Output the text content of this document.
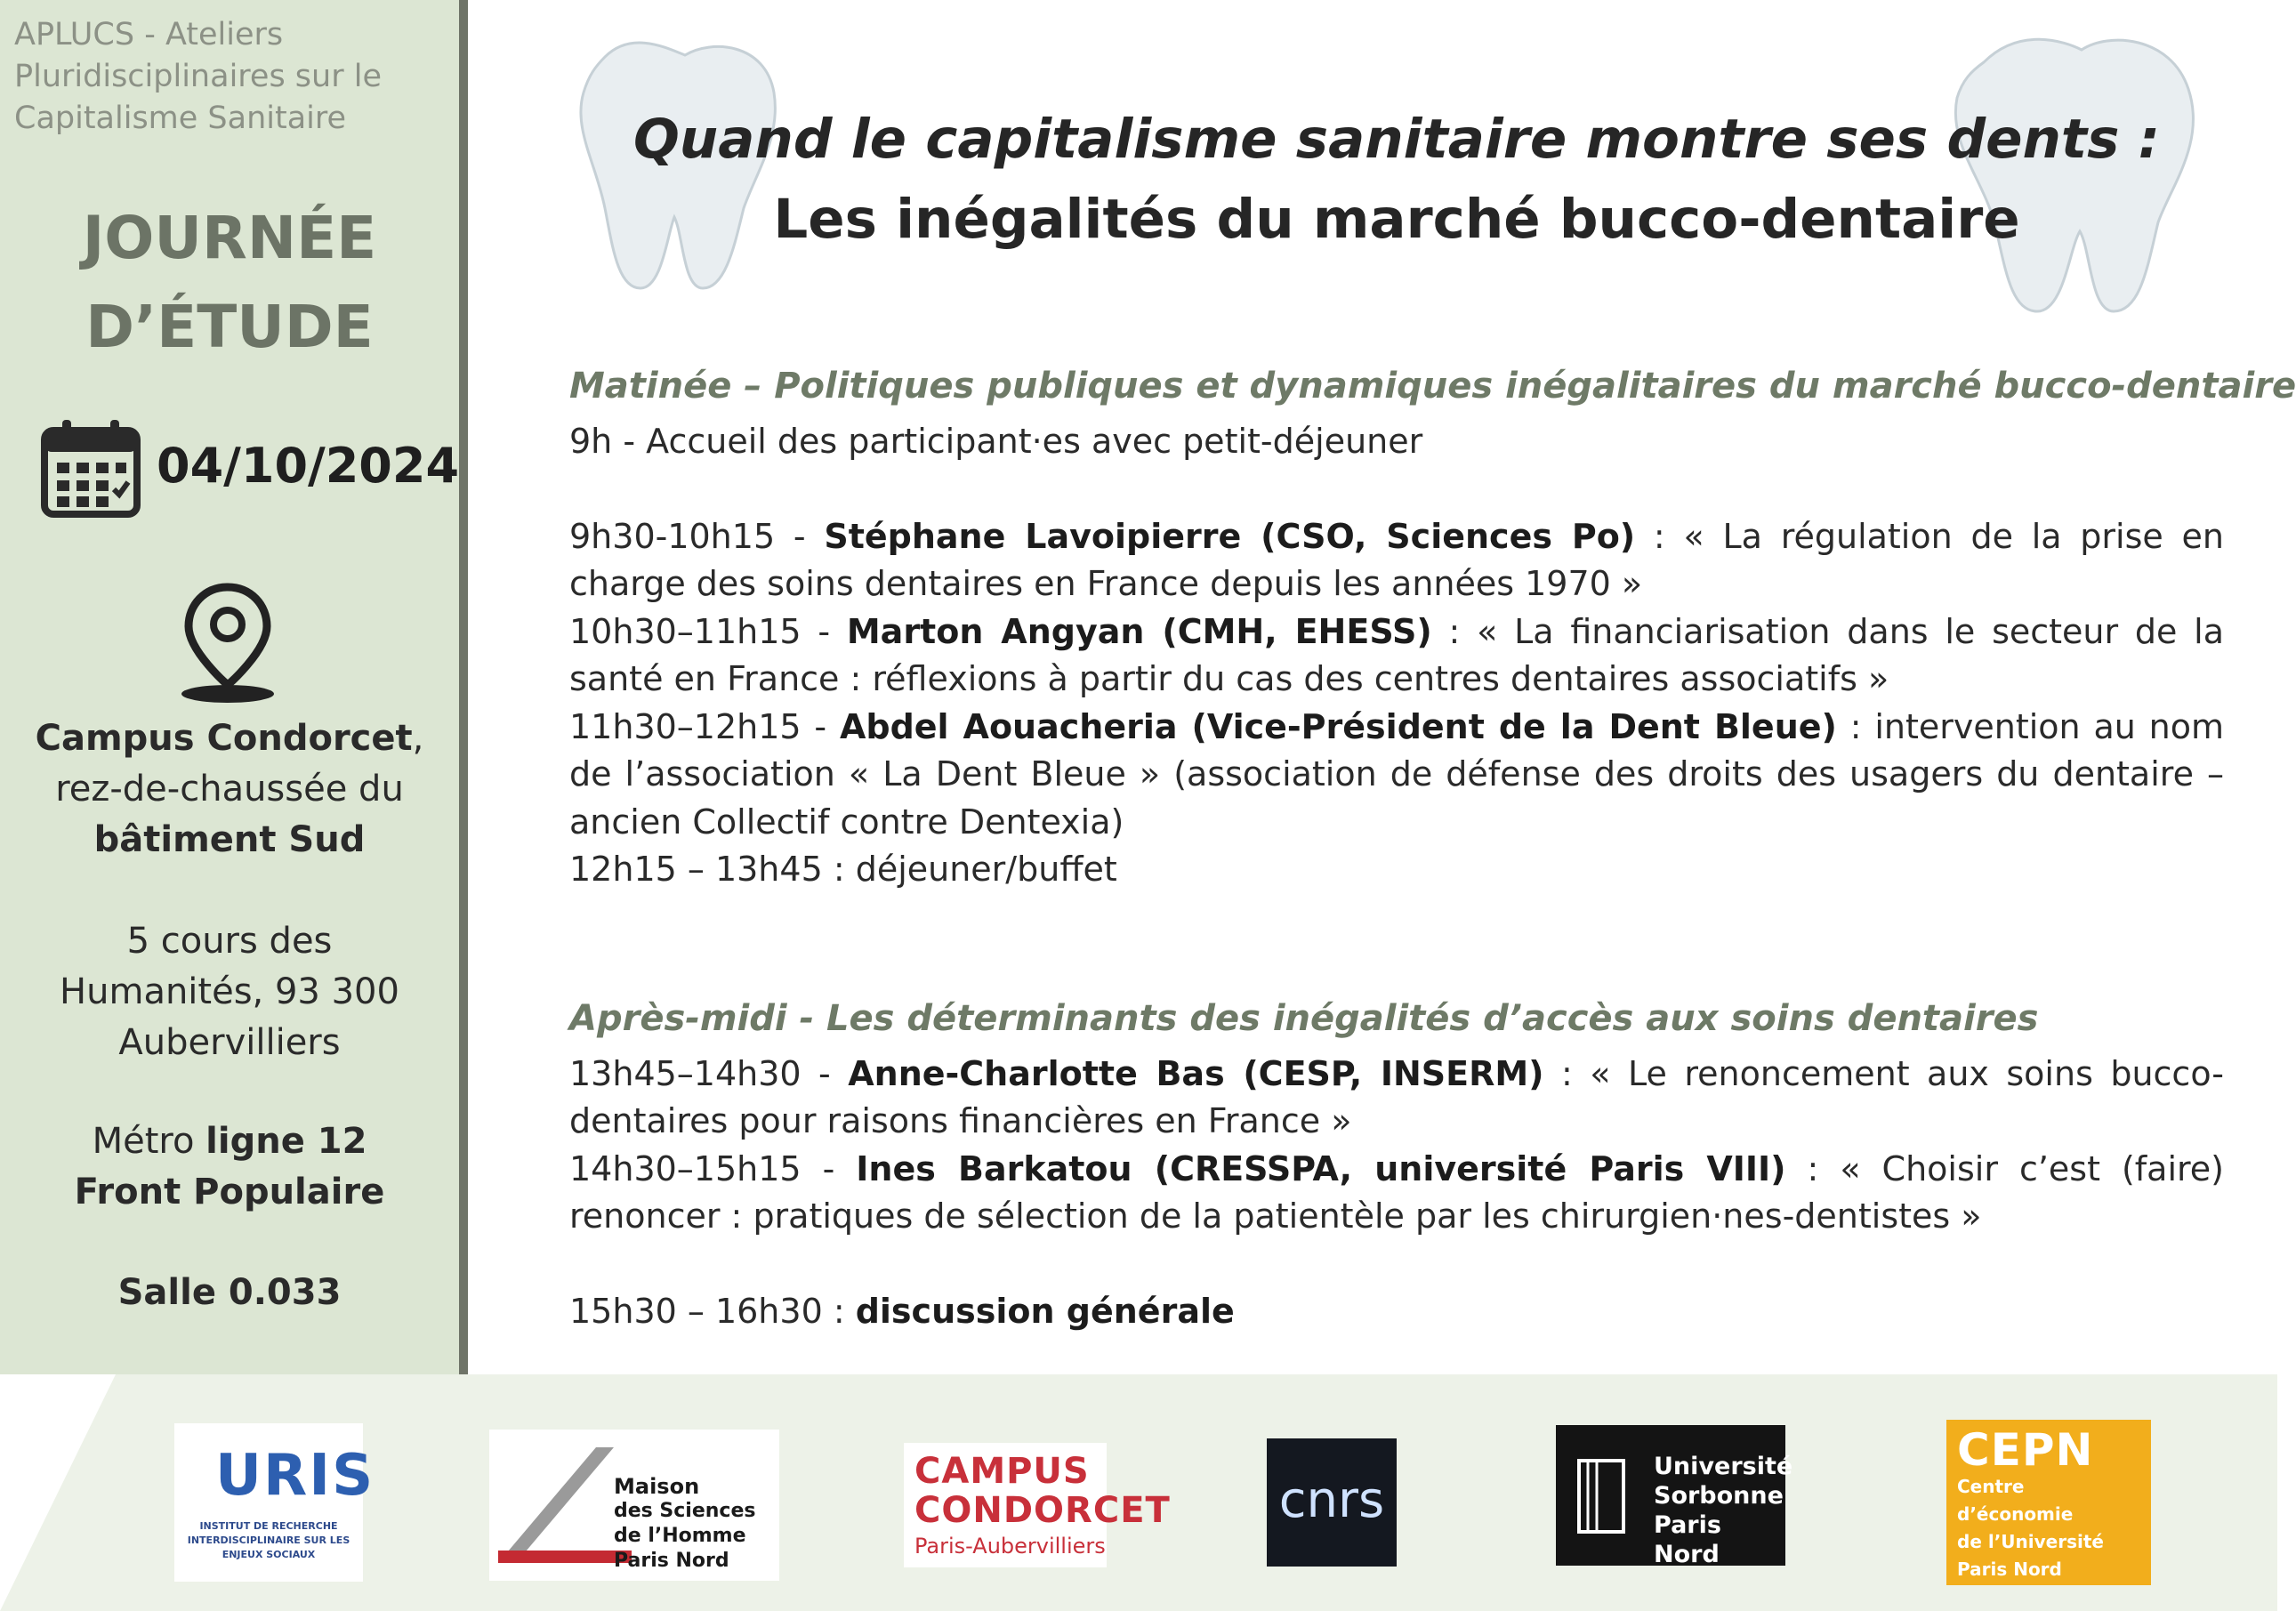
APLUCS - Ateliers Pluridisciplinaires sur le Capitalisme Sanitaire
JOURNÉE
D’ÉTUDE
04/10/2024
Campus Condorcet,
rez-de-chaussée du
bâtiment Sud
5 cours des
Humanités, 93 300
Aubervilliers
Métro ligne 12
Front Populaire
Salle 0.033
Quand le capitalisme sanitaire montre ses dents :
Les inégalités du marché bucco-dentaire
Matinée – Politiques publiques et dynamiques inégalitaires du marché bucco-dentaire
9h - Accueil des participant·es avec petit-déjeuner
9h30-10h15 - Stéphane Lavoipierre (CSO, Sciences Po) : « La régulation de la prise en charge des soins dentaires en France depuis les années 1970 »
10h30–11h15 - Marton Angyan (CMH, EHESS) : « La financiarisation dans le secteur de la santé en France : réflexions à partir du cas des centres dentaires associatifs »
11h30–12h15 - Abdel Aouacheria (Vice-Président de la Dent Bleue) : intervention au nom de l’association « La Dent Bleue » (association de défense des droits des usagers du dentaire – ancien Collectif contre Dentexia)
12h15 – 13h45 : déjeuner/buffet
Après-midi - Les déterminants des inégalités d’accès aux soins dentaires
13h45–14h30 - Anne-Charlotte Bas (CESP, INSERM) : « Le renoncement aux soins bucco-dentaires pour raisons financières en France »
14h30–15h15 - Ines Barkatou (CRESSPA, université Paris VIII) : « Choisir c’est (faire) renoncer : pratiques de sélection de la patientèle par les chirurgien·nes-dentistes »
15h30 – 16h30 : discussion générale
URIS
INSTITUT DE RECHERCHE INTERDISCIPLINAIRE SUR LES ENJEUX SOCIAUX
Maison
des Sciences
de l’Homme Paris Nord
CAMPUS
CONDORCET
Paris-Aubervilliers
cnrs
Université
Sorbonne
Paris Nord
CEPN
Centre d’économie
de l’Université
Paris Nord
